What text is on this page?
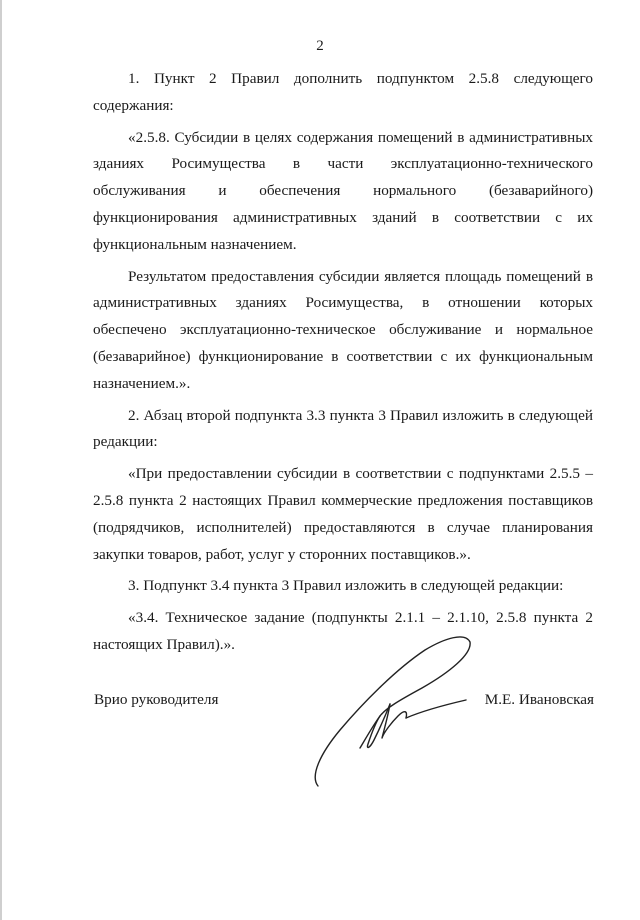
2

1. Пункт 2 Правил дополнить подпунктом 2.5.8 следующего содержания:

«2.5.8. Субсидии в целях содержания помещений в административных зданиях Росимущества в части эксплуатационно-технического обслуживания и обеспечения нормального (безаварийного) функционирования административных зданий в соответствии с их функциональным назначением.

Результатом предоставления субсидии является площадь помещений в административных зданиях Росимущества, в отношении которых обеспечено эксплуатационно-техническое обслуживание и нормальное (безаварийное) функционирование в соответствии с их функциональным назначением.».

2. Абзац второй подпункта 3.3 пункта 3 Правил изложить в следующей редакции:

«При предоставлении субсидии в соответствии с подпунктами 2.5.5 – 2.5.8 пункта 2 настоящих Правил коммерческие предложения поставщиков (подрядчиков, исполнителей) предоставляются в случае планирования закупки товаров, работ, услуг у сторонних поставщиков.».

3. Подпункт 3.4 пункта 3 Правил изложить в следующей редакции:

«3.4. Техническое задание (подпункты 2.1.1 – 2.1.10, 2.5.8 пункта 2 настоящих Правил).».

Врио руководителя	М.Е. Ивановская
